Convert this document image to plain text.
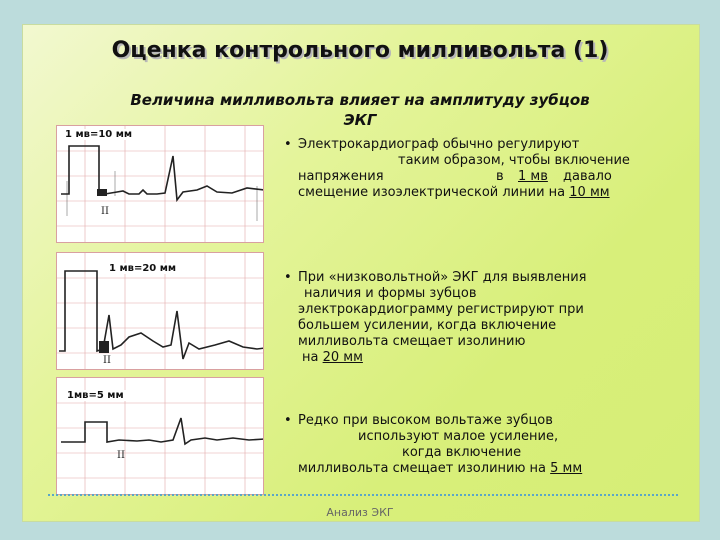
Оценка контрольного милливольта (1)
Величина милливольта влияет на амплитуду зубцов
ЭКГ
II
1 мв=10 мм
II
1 мв=20 мм
II
1мв=5 мм
• Электрокардиограф обычно регулируют
таким образом, чтобы включение
напряжения	в 1 мв давало
смещение изоэлектрической линии на 10 мм
• При «низковольтной» ЭКГ для выявления
наличия и формы зубцов
электрокардиограмму регистрируют при
большем усилении, когда включение
милливольта смещает изолинию
на 20 мм
• Редко при высоком вольтаже зубцов
используют малое усиление,
когда включение
милливольта смещает изолинию на 5 мм
Анализ ЭКГ
